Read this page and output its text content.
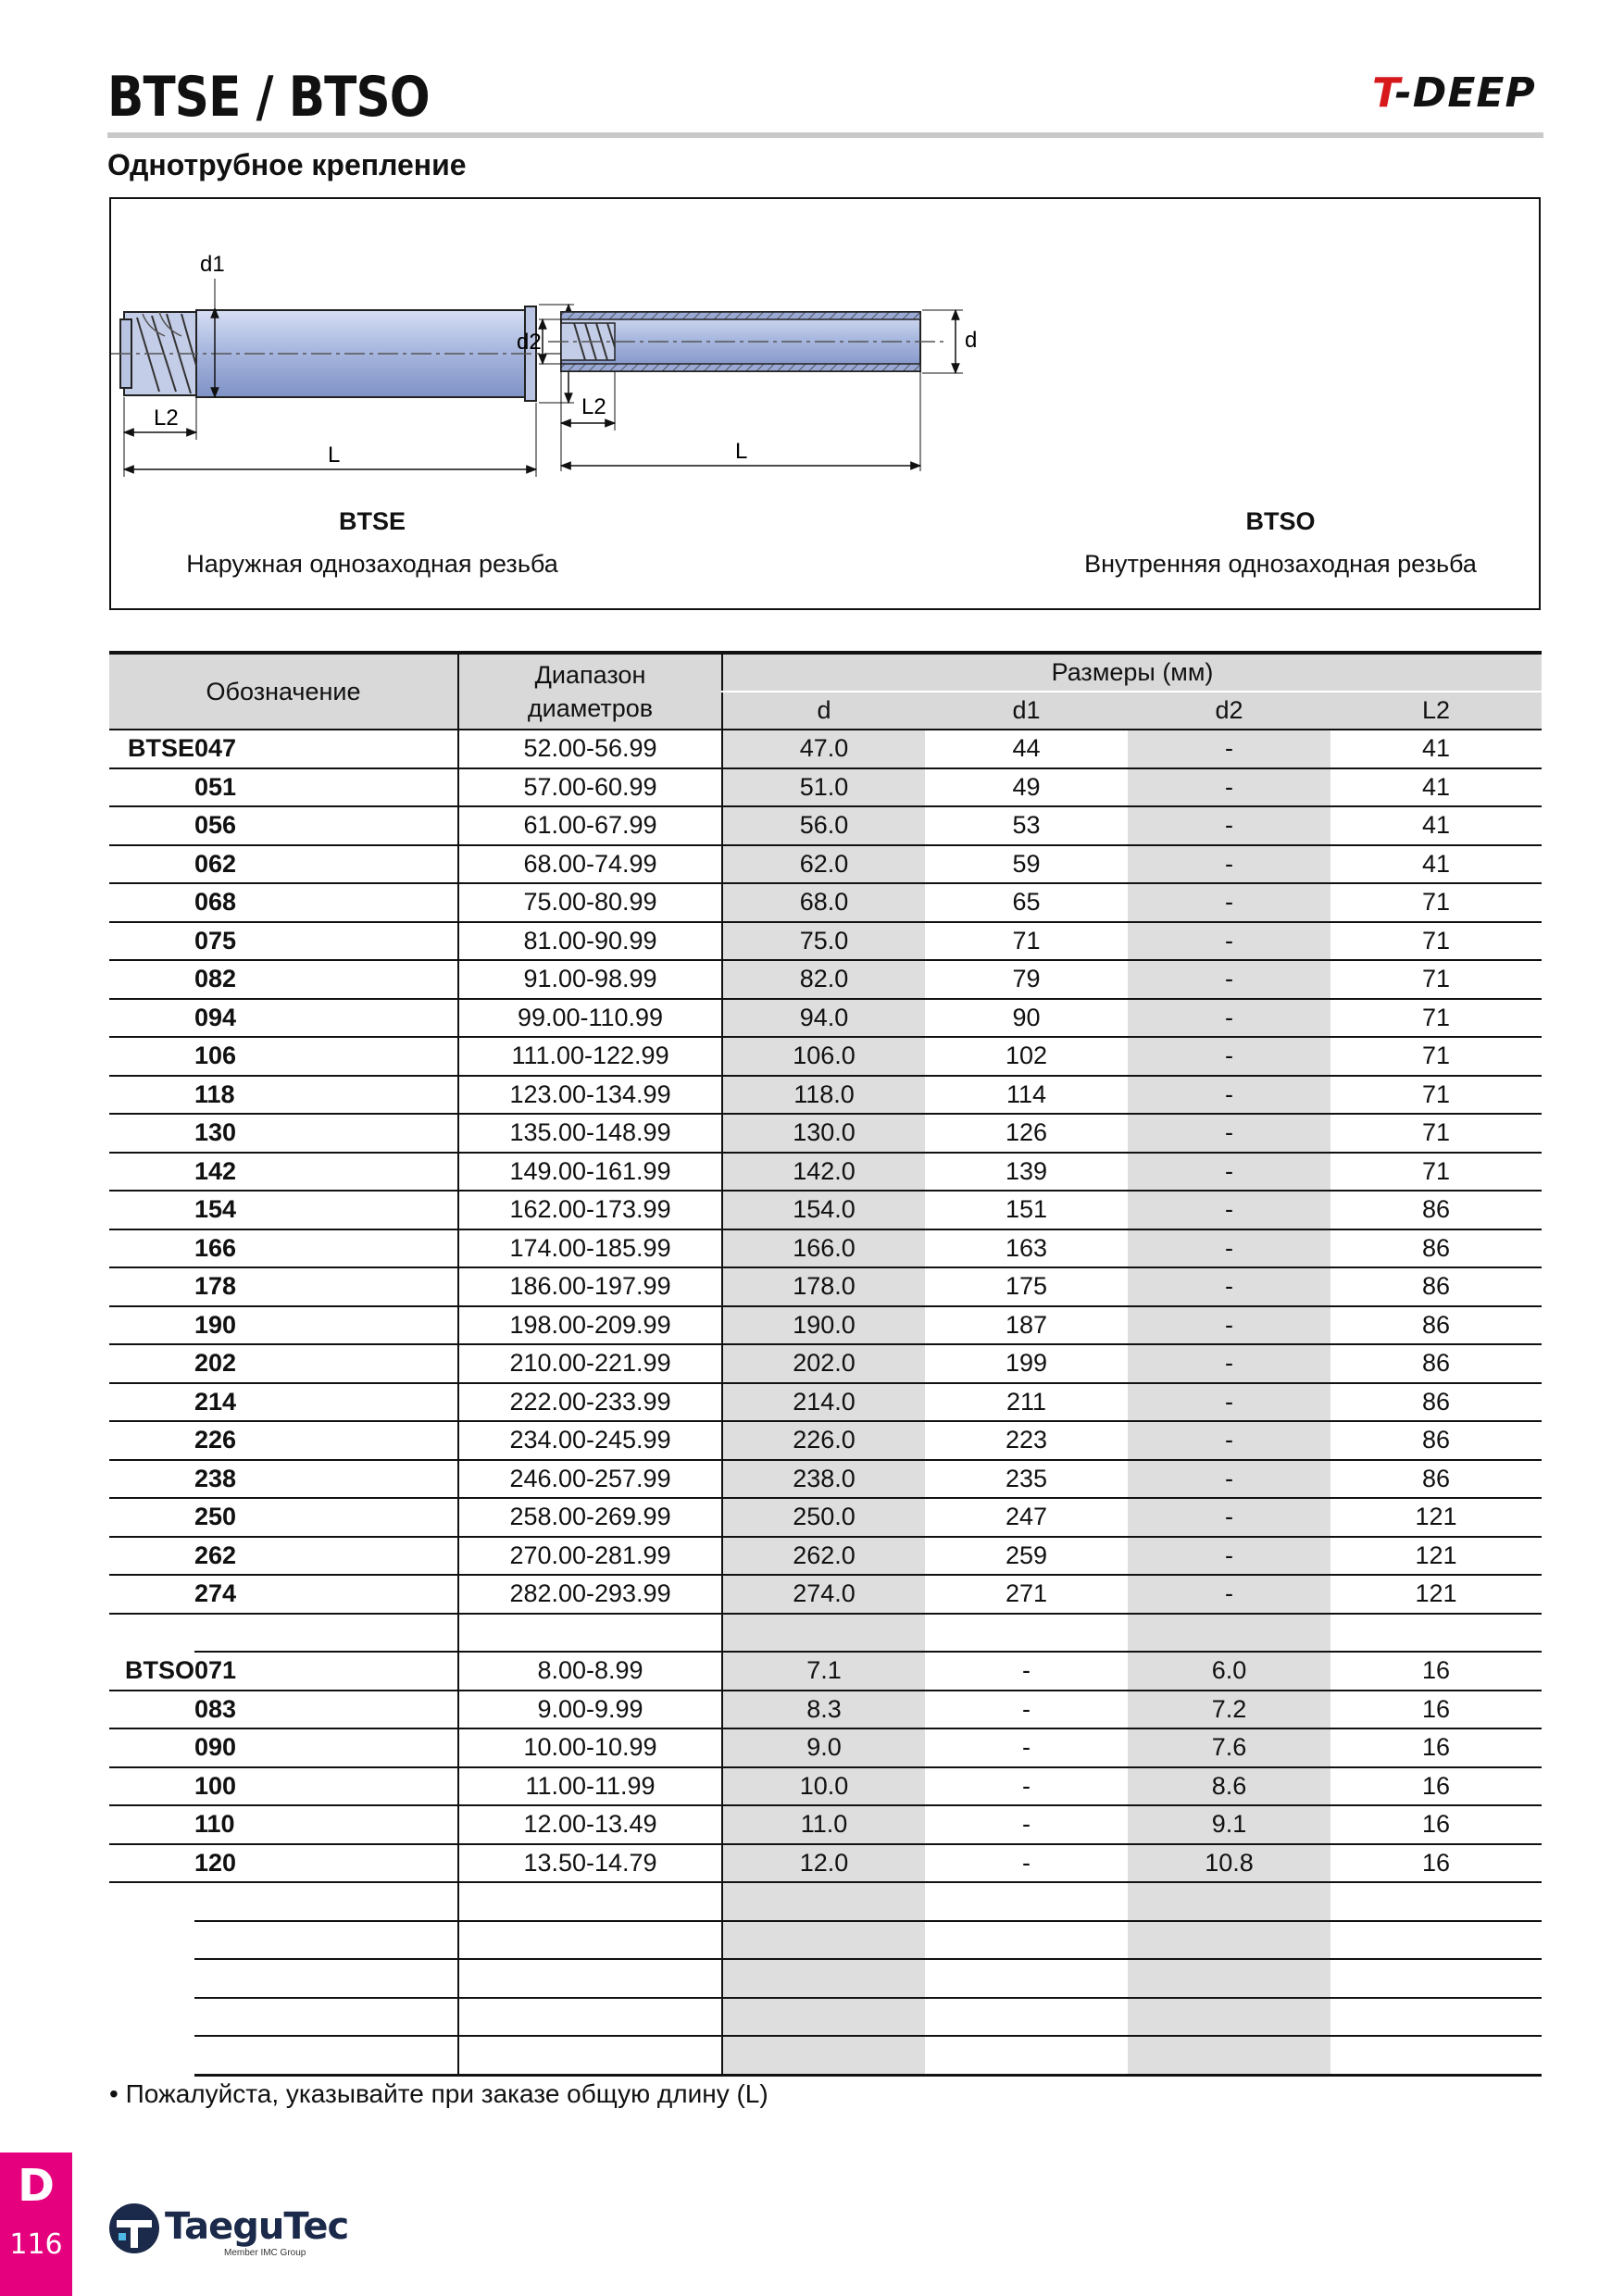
BTSE / BTSO	T-DEEP
Однотрубное крепление
d1
L2
L
d2	d
L2
L
BTSE
Наружная однозаходная резьба
BTSO
Внутренняя однозаходная резьба
Обозначение		Диапазон диаметров	Размеры (мм)			
			d	d1	d2	L2
BTSE	047	52.00-56.99	47.0	44	-	41
	051	57.00-60.99	51.0	49	-	41
	056	61.00-67.99	56.0	53	-	41
	062	68.00-74.99	62.0	59	-	41
	068	75.00-80.99	68.0	65	-	71
	075	81.00-90.99	75.0	71	-	71
	082	91.00-98.99	82.0	79	-	71
	094	99.00-110.99	94.0	90	-	71
	106	111.00-122.99	106.0	102	-	71
	118	123.00-134.99	118.0	114	-	71
	130	135.00-148.99	130.0	126	-	71
	142	149.00-161.99	142.0	139	-	71
	154	162.00-173.99	154.0	151	-	86
	166	174.00-185.99	166.0	163	-	86
	178	186.00-197.99	178.0	175	-	86
	190	198.00-209.99	190.0	187	-	86
	202	210.00-221.99	202.0	199	-	86
	214	222.00-233.99	214.0	211	-	86
	226	234.00-245.99	226.0	223	-	86
	238	246.00-257.99	238.0	235	-	86
	250	258.00-269.99	250.0	247	-	121
	262	270.00-281.99	262.0	259	-	121
	274	282.00-293.99	274.0	271	-	121

BTSO	071	8.00-8.99	7.1	-	6.0	16
	083	9.00-9.99	8.3	-	7.2	16
	090	10.00-10.99	9.0	-	7.6	16
	100	11.00-11.99	10.0	-	8.6	16
	110	12.00-13.49	11.0	-	9.1	16
	120	13.50-14.79	12.0	-	10.8	16

• Пожалуйста, указывайте при заказе общую длину (L)
D
116	TaeguTec
Member IMC Group
